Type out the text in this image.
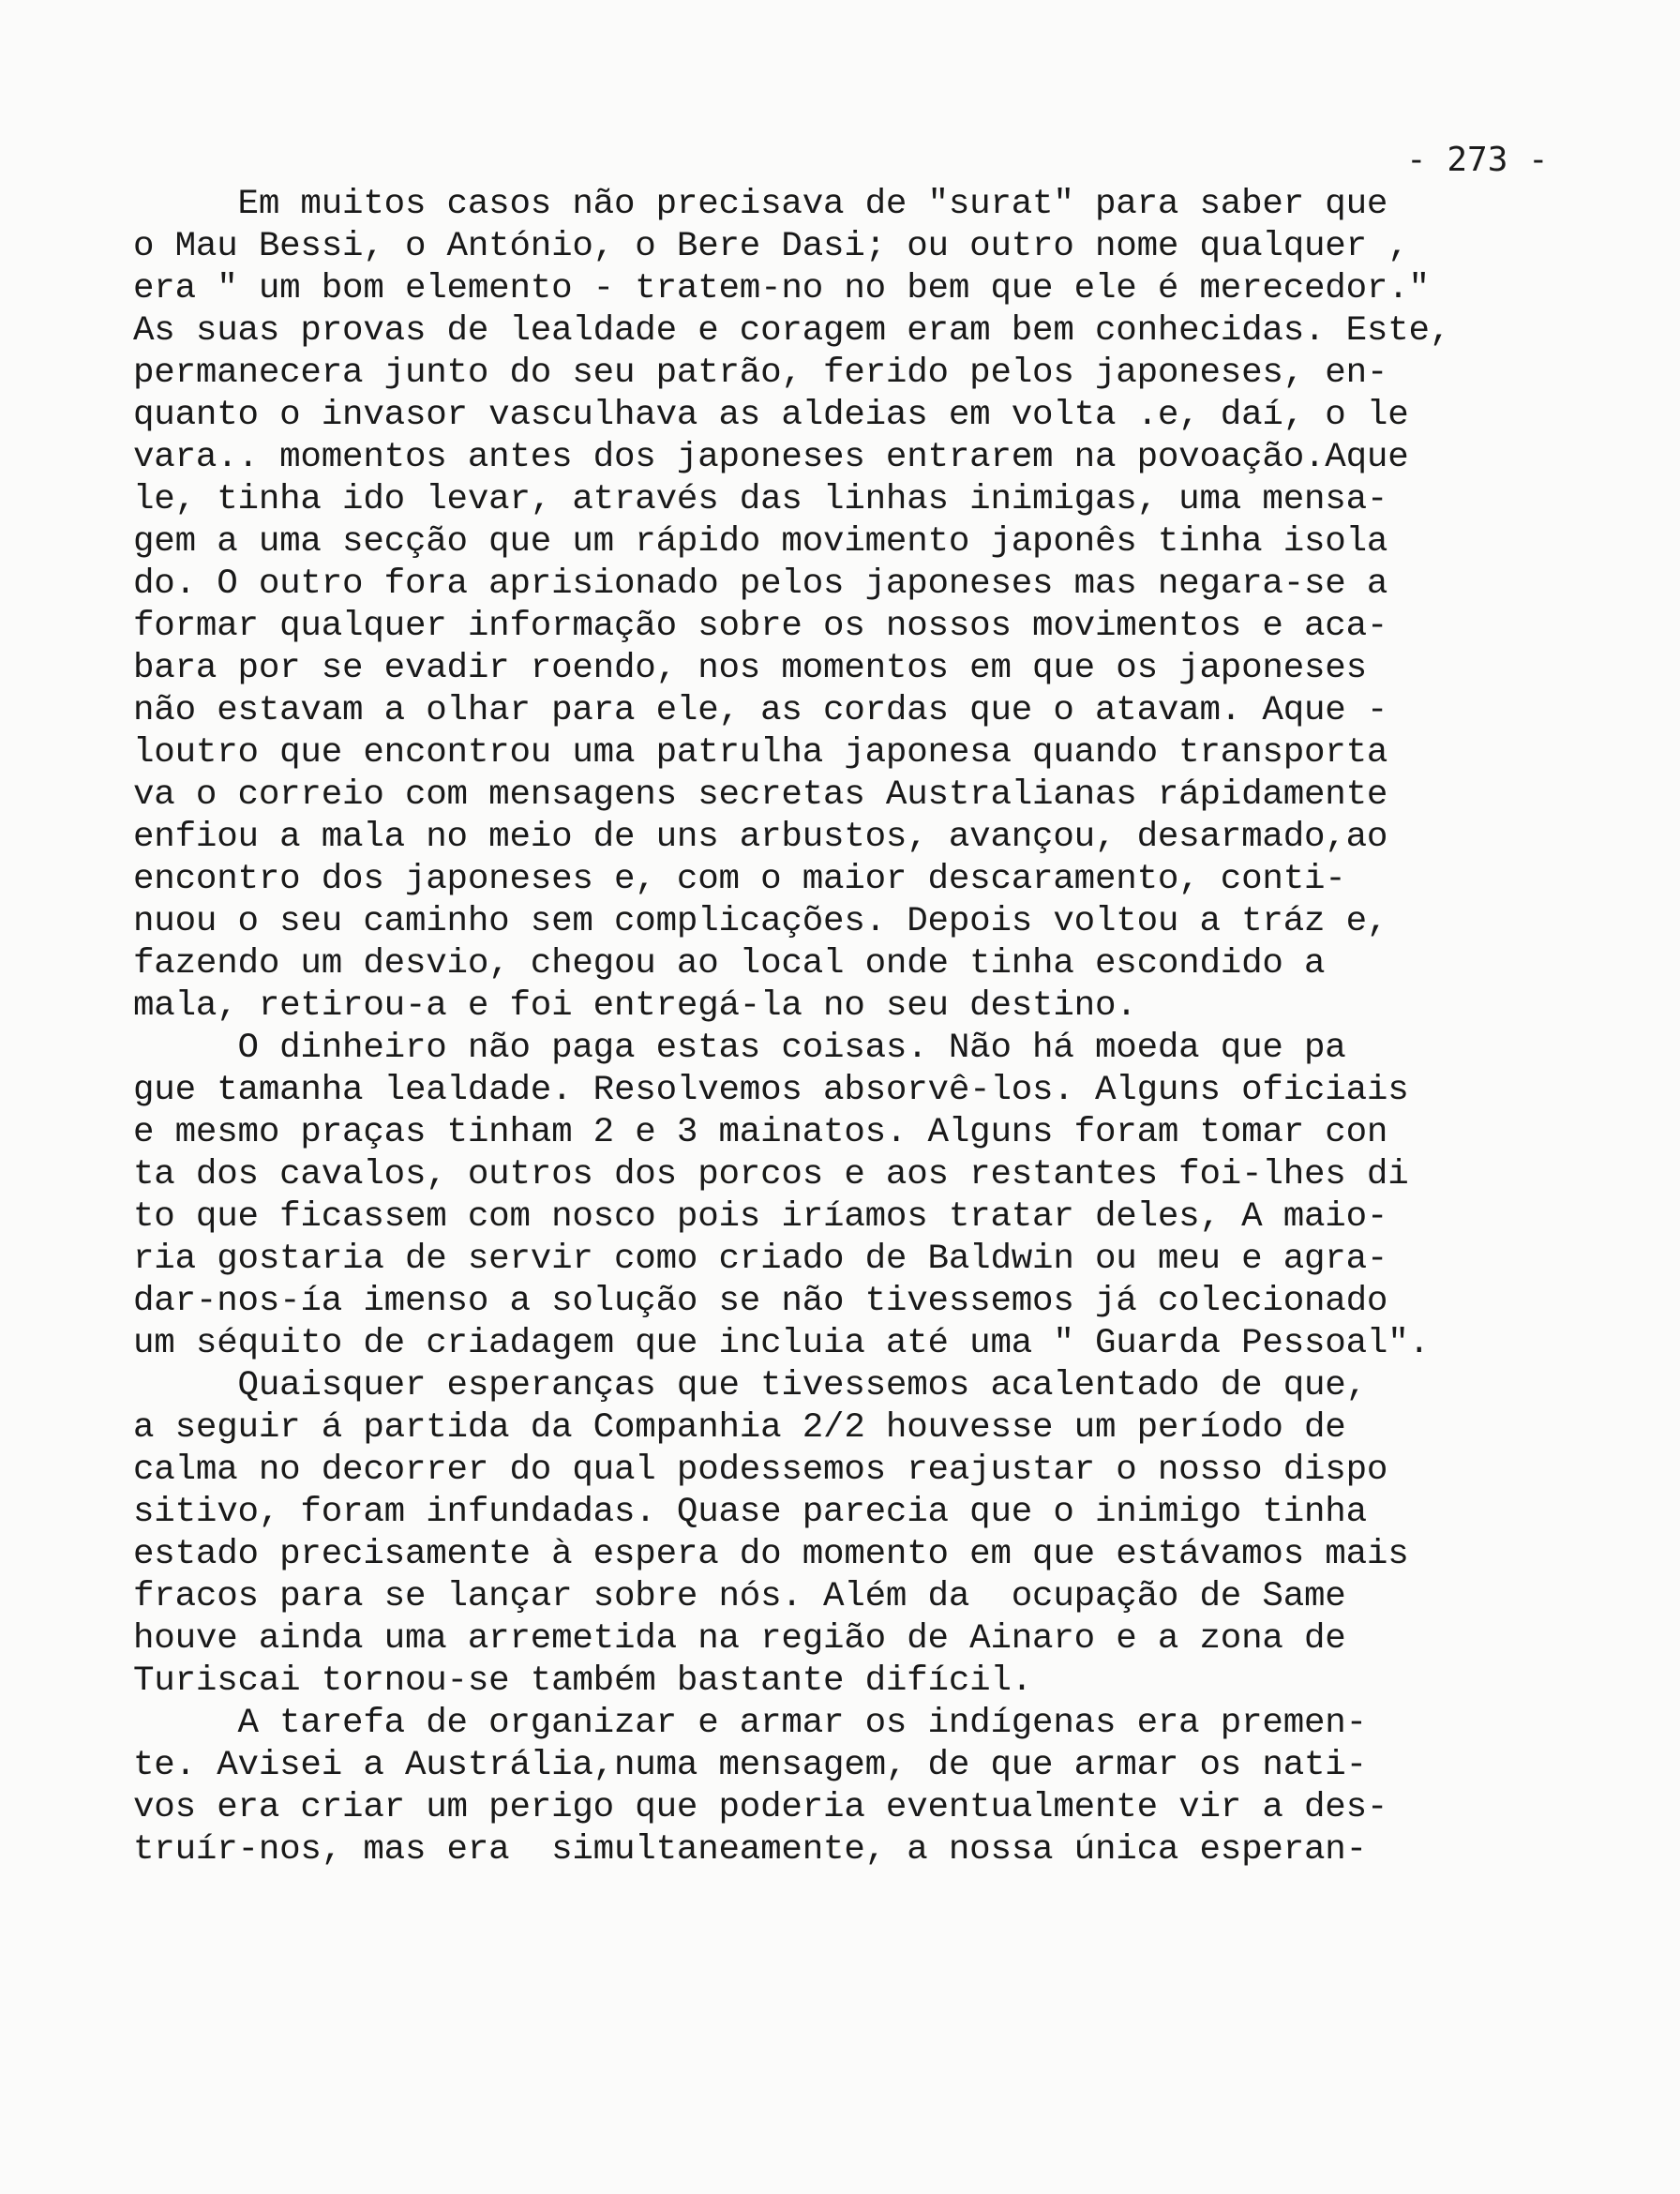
- 273 -
Em muitos casos não precisava de "surat" para saber que
o Mau Bessi, o António, o Bere Dasi; ou outro nome qualquer ,
era " um bom elemento - tratem-no no bem que ele é merecedor."
As suas provas de lealdade e coragem eram bem conhecidas. Este,
permanecera junto do seu patrão, ferido pelos japoneses, en-
quanto o invasor vasculhava as aldeias em volta .e, daí, o le
vara.. momentos antes dos japoneses entrarem na povoação.Aque
le, tinha ido levar, através das linhas inimigas, uma mensa-
gem a uma secção que um rápido movimento japonês tinha isola
do. O outro fora aprisionado pelos japoneses mas negara-se a
formar qualquer informação sobre os nossos movimentos e aca-
bara por se evadir roendo, nos momentos em que os japoneses
não estavam a olhar para ele, as cordas que o atavam. Aque -
loutro que encontrou uma patrulha japonesa quando transporta
va o correio com mensagens secretas Australianas rápidamente
enfiou a mala no meio de uns arbustos, avançou, desarmado,ao
encontro dos japoneses e, com o maior descaramento, conti-
nuou o seu caminho sem complicações. Depois voltou a tráz e,
fazendo um desvio, chegou ao local onde tinha escondido a
mala, retirou-a e foi entregá-la no seu destino.
O dinheiro não paga estas coisas. Não há moeda que pa
gue tamanha lealdade. Resolvemos absorvê-los. Alguns oficiais
e mesmo praças tinham 2 e 3 mainatos. Alguns foram tomar con
ta dos cavalos, outros dos porcos e aos restantes foi-lhes di
to que ficassem com nosco pois iríamos tratar deles, A maio-
ria gostaria de servir como criado de Baldwin ou meu e agra-
dar-nos-ía imenso a solução se não tivessemos já colecionado
um séquito de criadagem que incluia até uma " Guarda Pessoal".
Quaisquer esperanças que tivessemos acalentado de que,
a seguir á partida da Companhia 2/2 houvesse um período de
calma no decorrer do qual podessemos reajustar o nosso dispo
sitivo, foram infundadas. Quase parecia que o inimigo tinha
estado precisamente à espera do momento em que estávamos mais
fracos para se lançar sobre nós. Além da  ocupação de Same
houve ainda uma arremetida na região de Ainaro e a zona de
Turiscai tornou-se também bastante difícil.
A tarefa de organizar e armar os indígenas era premen-
te. Avisei a Austrália,numa mensagem, de que armar os nati-
vos era criar um perigo que poderia eventualmente vir a des-
truír-nos, mas era  simultaneamente, a nossa única esperan-
